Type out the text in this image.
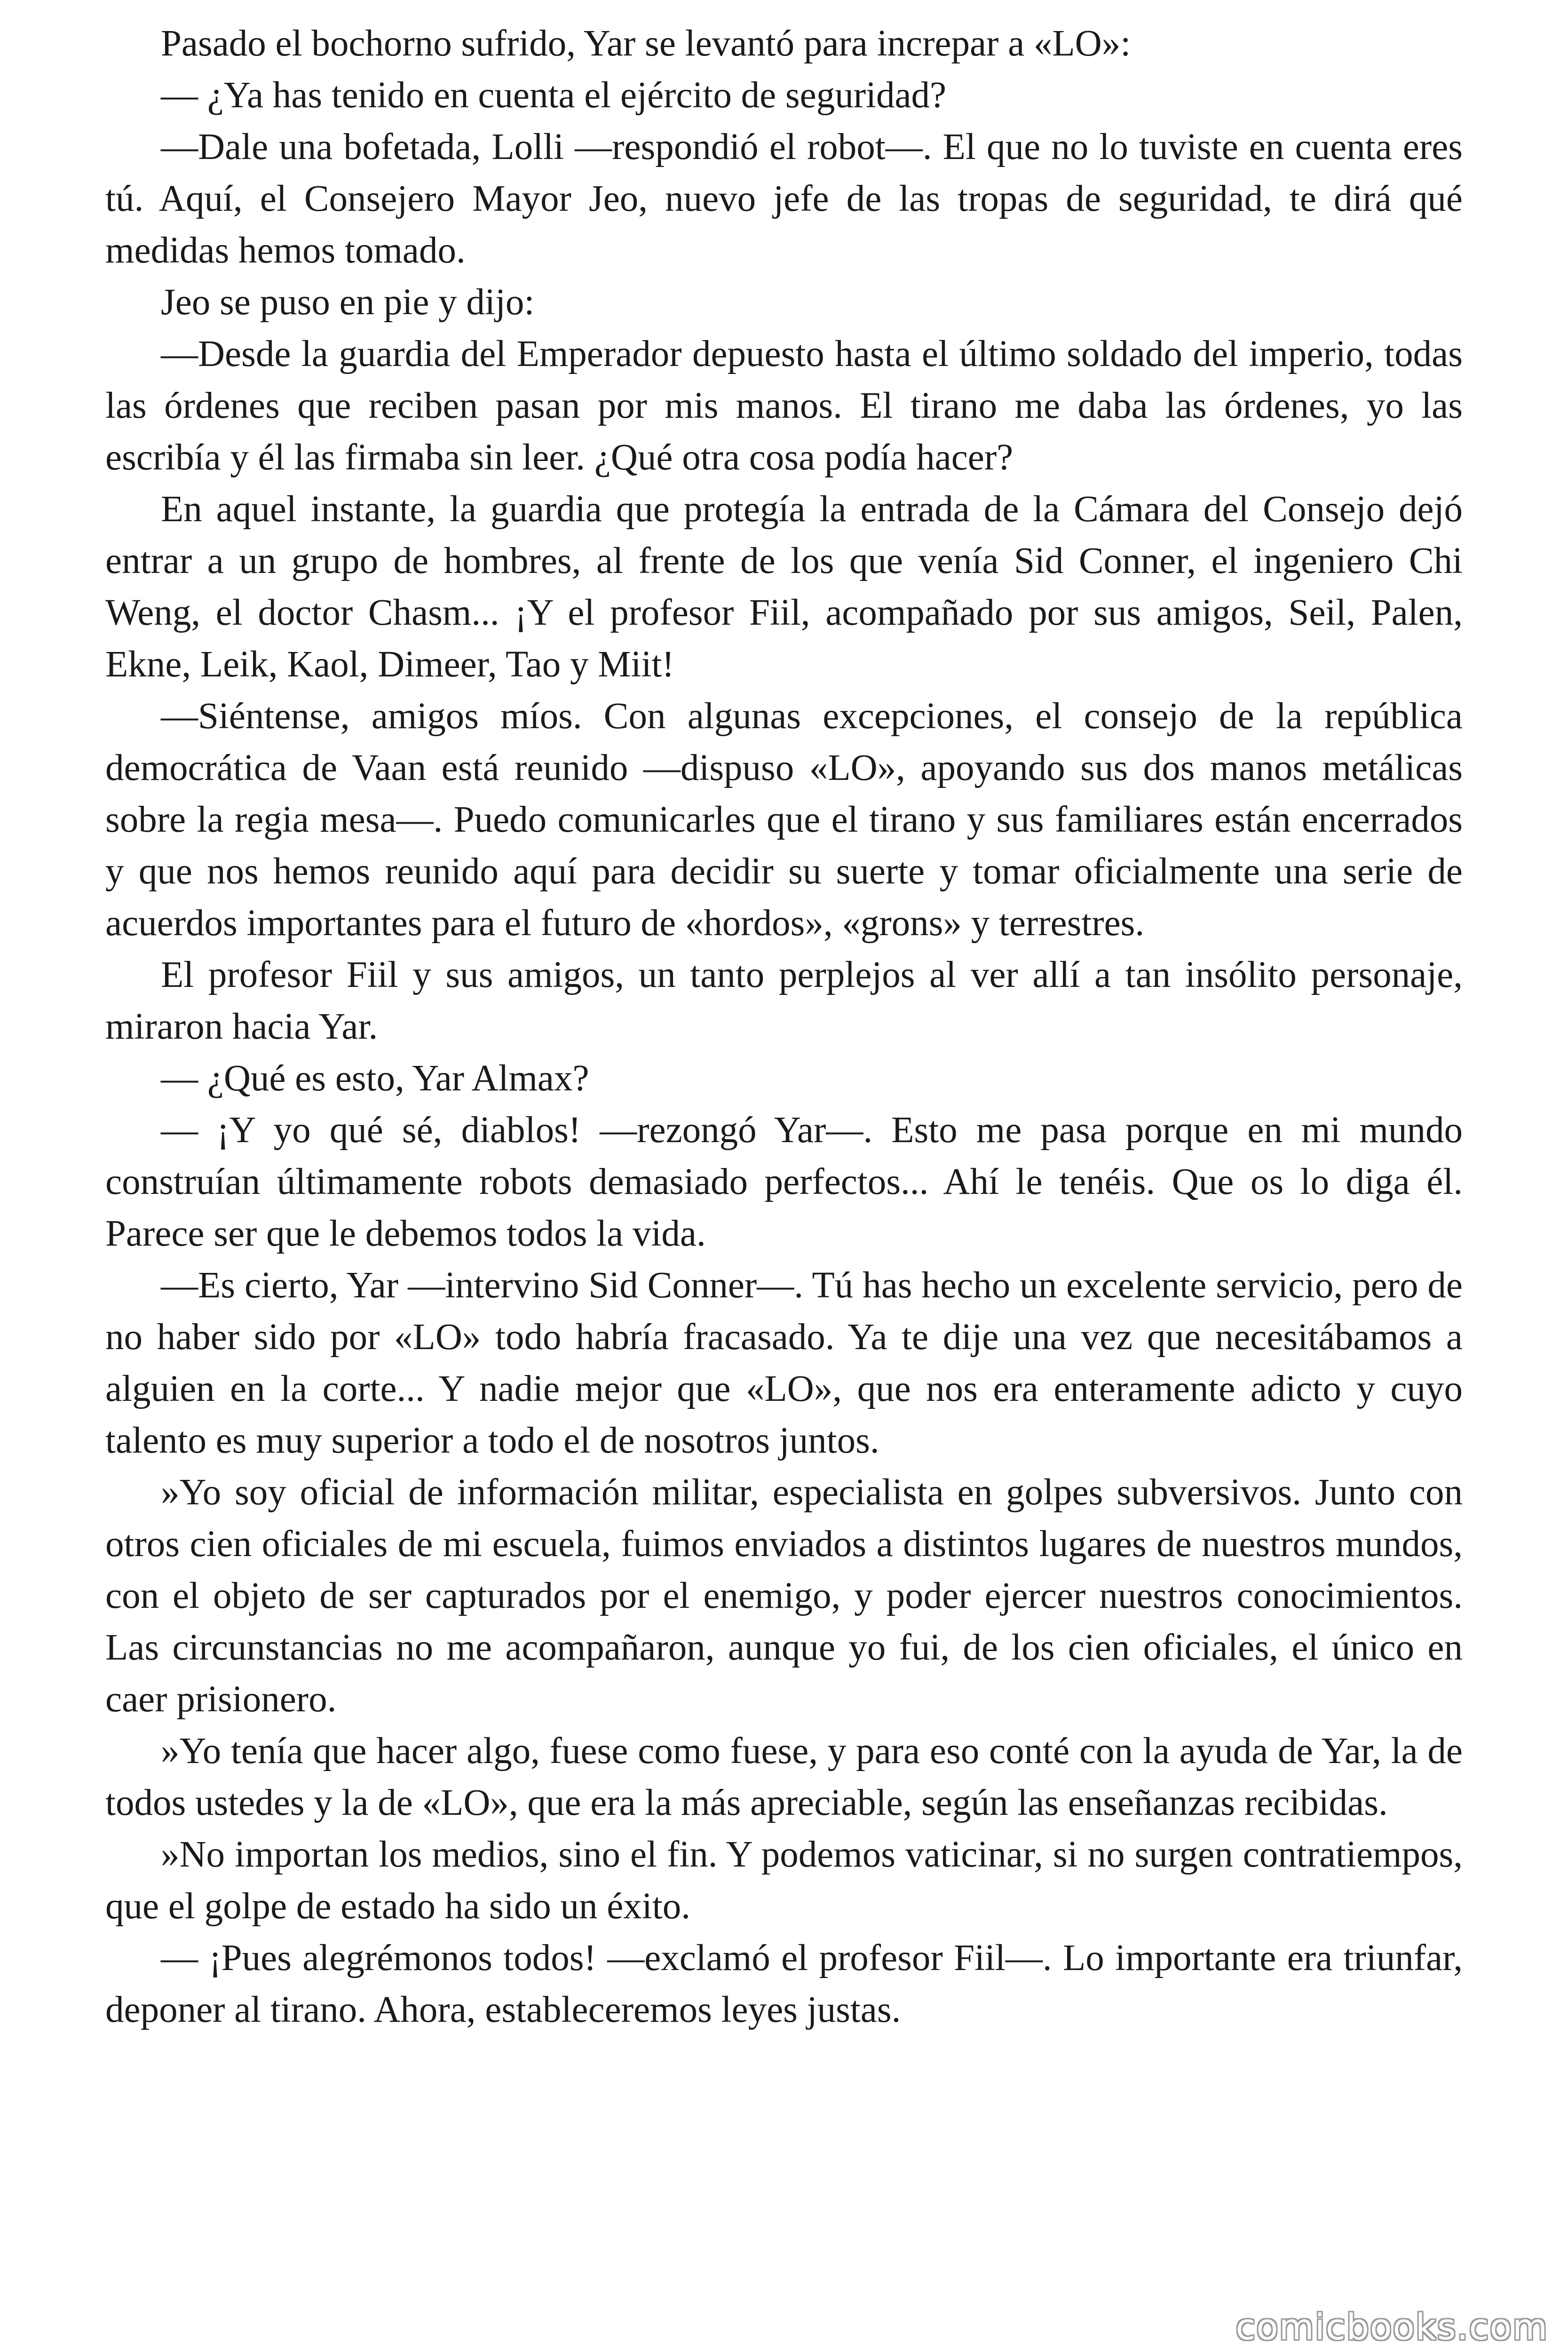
Pasado el bochorno sufrido, Yar se levantó para increpar a «LO»:

— ¿Ya has tenido en cuenta el ejército de seguridad?

—Dale una bofetada, Lolli —respondió el robot—. El que no lo tuviste en cuenta eres tú. Aquí, el Consejero Mayor Jeo, nuevo jefe de las tropas de seguridad, te dirá qué medidas hemos tomado.

Jeo se puso en pie y dijo:

—Desde la guardia del Emperador depuesto hasta el último soldado del imperio, todas las órdenes que reciben pasan por mis manos. El tirano me daba las órdenes, yo las escribía y él las firmaba sin leer. ¿Qué otra cosa podía hacer?

En aquel instante, la guardia que protegía la entrada de la Cámara del Consejo dejó entrar a un grupo de hombres, al frente de los que venía Sid Conner, el ingeniero Chi Weng, el doctor Chasm... ¡Y el profesor Fiil, acompañado por sus amigos, Seil, Palen, Ekne, Leik, Kaol, Dimeer, Tao y Miit!

—Siéntense, amigos míos. Con algunas excepciones, el consejo de la república democrática de Vaan está reunido —dispuso «LO», apoyando sus dos manos metálicas sobre la regia mesa—. Puedo comunicarles que el tirano y sus familiares están encerrados y que nos hemos reunido aquí para decidir su suerte y tomar oficialmente una serie de acuerdos importantes para el futuro de «hordos», «grons» y terrestres.

El profesor Fiil y sus amigos, un tanto perplejos al ver allí a tan insólito personaje, miraron hacia Yar.

— ¿Qué es esto, Yar Almax?

— ¡Y yo qué sé, diablos! —rezongó Yar—. Esto me pasa porque en mi mundo construían últimamente robots demasiado perfectos... Ahí le tenéis. Que os lo diga él. Parece ser que le debemos todos la vida.

—Es cierto, Yar —intervino Sid Conner—. Tú has hecho un excelente servicio, pero de no haber sido por «LO» todo habría fracasado. Ya te dije una vez que necesitábamos a alguien en la corte... Y nadie mejor que «LO», que nos era enteramente adicto y cuyo talento es muy superior a todo el de nosotros juntos.

»Yo soy oficial de información militar, especialista en golpes subversivos. Junto con otros cien oficiales de mi escuela, fuimos enviados a distintos lugares de nuestros mundos, con el objeto de ser capturados por el enemigo, y poder ejercer nuestros conocimientos. Las circunstancias no me acompañaron, aunque yo fui, de los cien oficiales, el único en caer prisionero.

»Yo tenía que hacer algo, fuese como fuese, y para eso conté con la ayuda de Yar, la de todos ustedes y la de «LO», que era la más apreciable, según las enseñanzas recibidas.

»No importan los medios, sino el fin. Y podemos vaticinar, si no surgen contratiempos, que el golpe de estado ha sido un éxito.

— ¡Pues alegrémonos todos! —exclamó el profesor Fiil—. Lo importante era triunfar, deponer al tirano. Ahora, estableceremos leyes justas.

comicbooks.com
